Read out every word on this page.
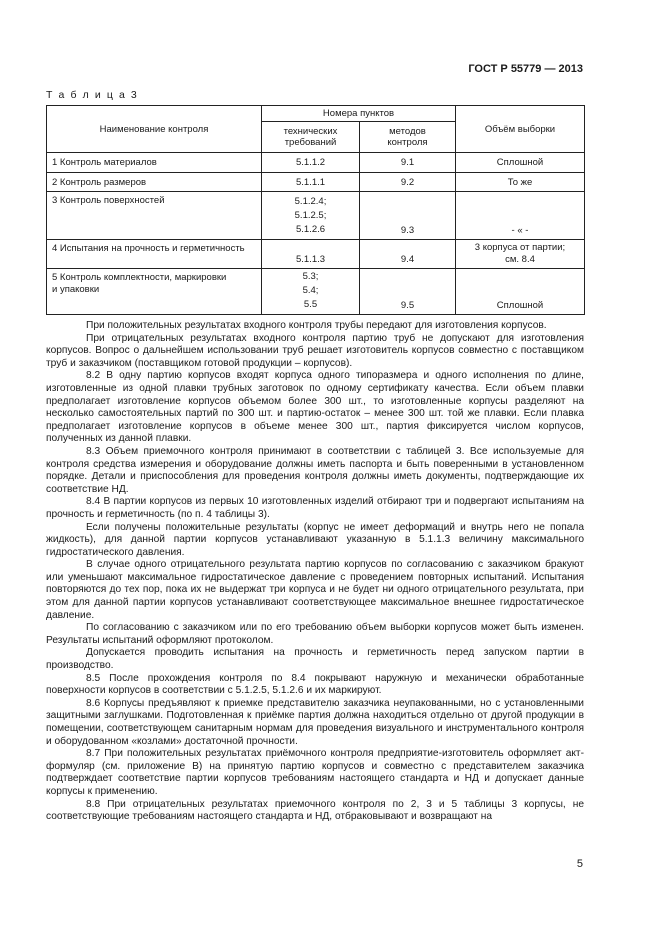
ГОСТ Р 55779 — 2013
Т а б л и ц а 3
Наименование контроля	Номера пунктов		Объём выборки
	технических требований	методов контроля	
1 Контроль материалов	5.1.1.2	9.1	Сплошной
2 Контроль размеров	5.1.1.1	9.2	То же
3 Контроль поверхностей	5.1.2.4;
5.1.2.5;
5.1.2.6	9.3	- « -
4 Испытания на прочность и герметичность	5.1.1.3	9.4	3 корпуса от партии; см. 8.4
5 Контроль комплектности, маркировки и упаковки	5.3;
5.4;
5.5	9.5	Сплошной

При положительных результатах входного контроля трубы передают для изготовления корпусов.

При отрицательных результатах входного контроля партию труб не допускают для изготовления корпусов. Вопрос о дальнейшем использовании труб решает изготовитель корпусов совместно с поставщиком труб и заказчиком (поставщиком готовой продукции – корпусов).

8.2 В одну партию корпусов входят корпуса одного типоразмера и одного исполнения по длине, изготовленные из одной плавки трубных заготовок по одному сертификату качества. Если объем плавки предполагает изготовление корпусов объемом более 300 шт., то изготовленные корпусы разделяют на несколько самостоятельных партий по 300 шт. и партию-остаток – менее 300 шт. той же плавки. Если плавка предполагает изготовление корпусов в объеме менее 300 шт., партия фиксируется числом корпусов, полученных из данной плавки.

8.3 Объем приемочного контроля принимают в соответствии с таблицей 3. Все используемые для контроля средства измерения и оборудование должны иметь паспорта и быть поверенными в установленном порядке. Детали и приспособления для проведения контроля должны иметь документы, подтверждающие их соответствие НД.

8.4 В партии корпусов из первых 10 изготовленных изделий отбирают три и подвергают испытаниям на прочность и герметичность (по п. 4 таблицы 3).

Если получены положительные результаты (корпус не имеет деформаций и внутрь него не попала жидкость), для данной партии корпусов устанавливают указанную в 5.1.1.3 величину максимального гидростатического давления.

В случае одного отрицательного результата партию корпусов по согласованию с заказчиком бракуют или уменьшают максимальное гидростатическое давление с проведением повторных испытаний. Испытания повторяются до тех пор, пока их не выдержат три корпуса и не будет ни одного отрицательного результата, при этом для данной партии корпусов устанавливают соответствующее максимальное внешнее гидростатическое давление.

По согласованию с заказчиком или по его требованию объем выборки корпусов может быть изменен. Результаты испытаний оформляют протоколом.

Допускается проводить испытания на прочность и герметичность перед запуском партии в производство.

8.5 После прохождения контроля по 8.4 покрывают наружную и механически обработанные поверхности корпусов в соответствии с 5.1.2.5, 5.1.2.6 и их маркируют.

8.6 Корпусы предъявляют к приемке представителю заказчика неупакованными, но с установленными защитными заглушками. Подготовленная к приёмке партия должна находиться отдельно от другой продукции в помещении, соответствующем санитарным нормам для проведения визуального и инструментального контроля и оборудованном «козлами» достаточной прочности.

8.7 При положительных результатах приёмочного контроля предприятие-изготовитель оформляет акт-формуляр (см. приложение В) на принятую партию корпусов и совместно с представителем заказчика подтверждает соответствие партии корпусов требованиям настоящего стандарта и НД и допускает данные корпусы к применению.

8.8 При отрицательных результатах приемочного контроля по 2, 3 и 5 таблицы 3 корпусы, не соответствующие требованиям настоящего стандарта и НД, отбраковывают и возвращают на

5
